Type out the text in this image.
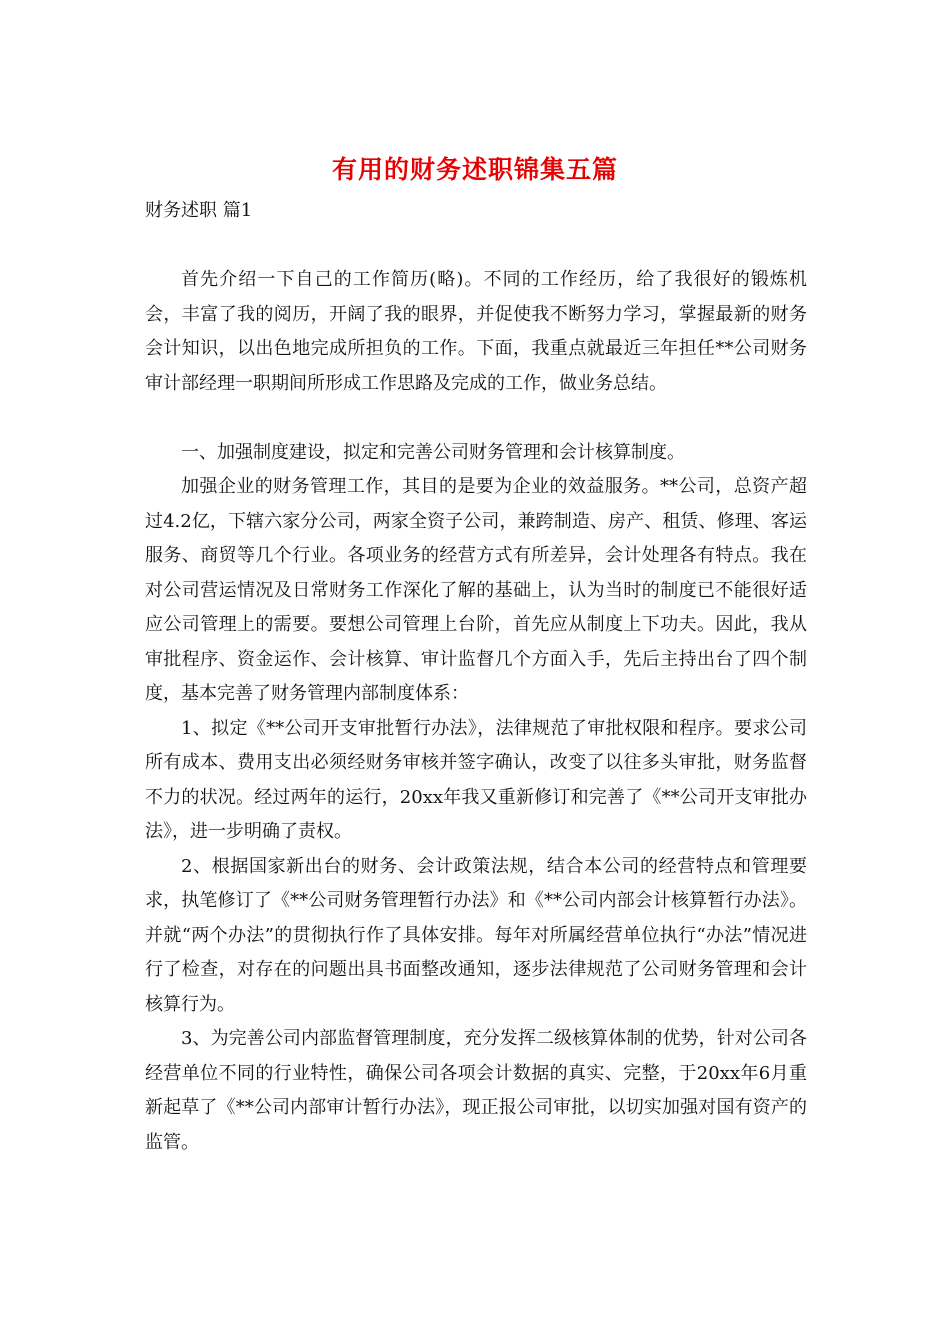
有用的财务述职锦集五篇
财务述职 篇1

首先介绍一下自己的工作简历(略)。不同的工作经历，给了我很好的锻炼机会，丰富了我的阅历，开阔了我的眼界，并促使我不断努力学习，掌握最新的财务会计知识，以出色地完成所担负的工作。下面，我重点就最近三年担任**公司财务审计部经理一职期间所形成工作思路及完成的工作，做业务总结。

一、加强制度建设，拟定和完善公司财务管理和会计核算制度。

加强企业的财务管理工作，其目的是要为企业的效益服务。**公司，总资产超过4.2亿，下辖六家分公司，两家全资子公司，兼跨制造、房产、租赁、修理、客运服务、商贸等几个行业。各项业务的经营方式有所差异，会计处理各有特点。我在对公司营运情况及日常财务工作深化了解的基础上，认为当时的制度已不能很好适应公司管理上的需要。要想公司管理上台阶，首先应从制度上下功夫。因此，我从审批程序、资金运作、会计核算、审计监督几个方面入手，先后主持出台了四个制度，基本完善了财务管理内部制度体系：

1、拟定《**公司开支审批暂行办法》，法律规范了审批权限和程序。要求公司所有成本、费用支出必须经财务审核并签字确认，改变了以往多头审批，财务监督不力的状况。经过两年的运行，20xx年我又重新修订和完善了《**公司开支审批办法》，进一步明确了责权。

2、根据国家新出台的财务、会计政策法规，结合本公司的经营特点和管理要求，执笔修订了《**公司财务管理暂行办法》和《**公司内部会计核算暂行办法》。并就“两个办法”的贯彻执行作了具体安排。每年对所属经营单位执行“办法”情况进行了检查，对存在的问题出具书面整改通知，逐步法律规范了公司财务管理和会计核算行为。

3、为完善公司内部监督管理制度，充分发挥二级核算体制的优势，针对公司各经营单位不同的行业特性，确保公司各项会计数据的真实、完整，于20xx年6月重新起草了《**公司内部审计暂行办法》，现正报公司审批，以切实加强对国有资产的监管。
